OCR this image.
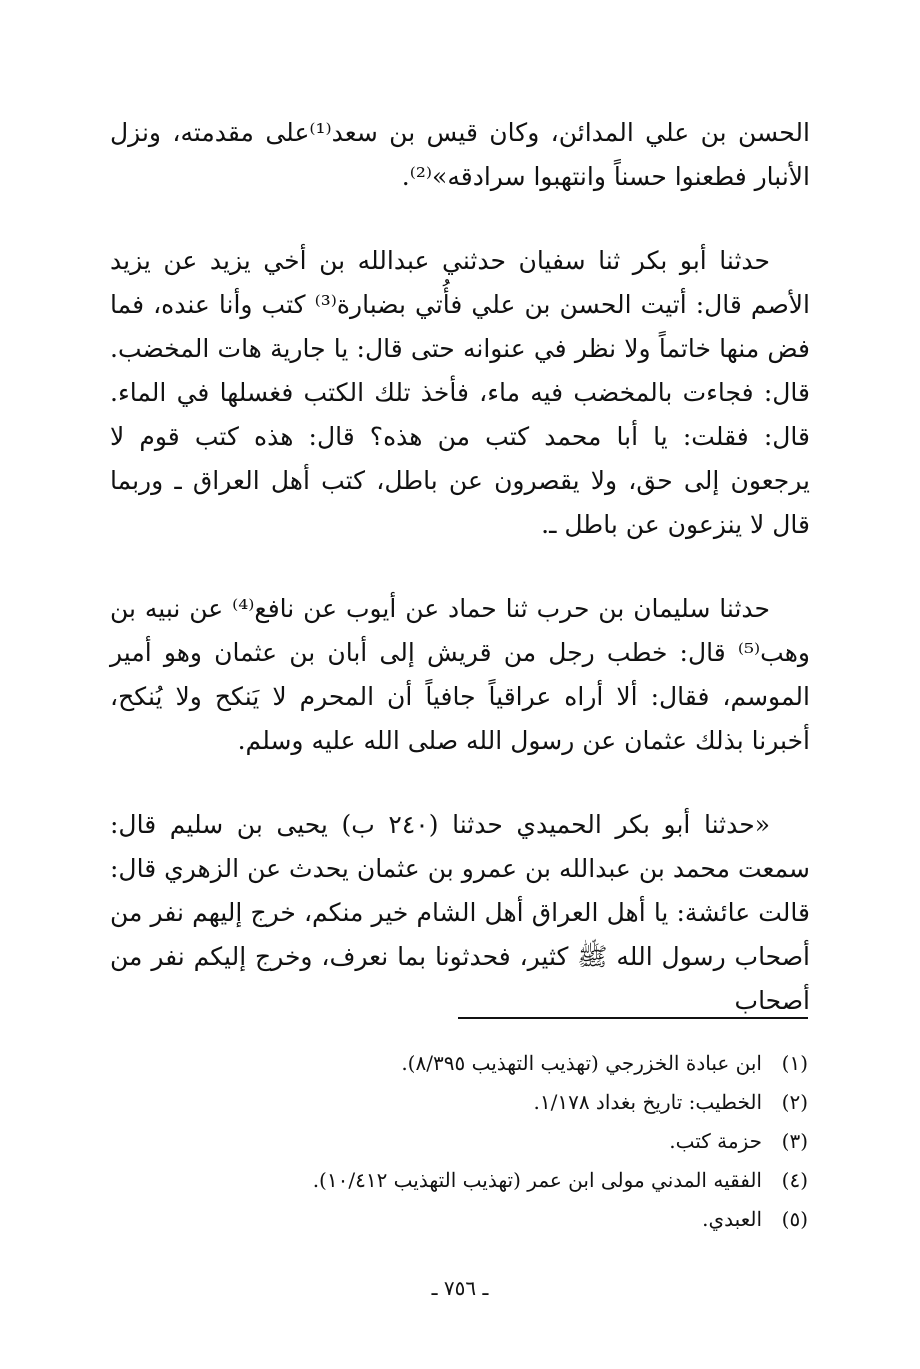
الحسن بن علي المدائن، وكان قيس بن سعد⁽¹⁾على مقدمته، ونزل الأنبار فطعنوا حسناً وانتهبوا سرادقه»⁽²⁾.

حدثنا أبو بكر ثنا سفيان حدثني عبدالله بن أخي يزيد عن يزيد الأصم قال: أتيت الحسن بن علي فأُتي بضبارة⁽³⁾ كتب وأنا عنده، فما فض منها خاتماً ولا نظر في عنوانه حتى قال: يا جارية هات المخضب. قال: فجاءت بالمخضب فيه ماء، فأخذ تلك الكتب فغسلها في الماء. قال: فقلت: يا أبا محمد كتب من هذه؟ قال: هذه كتب قوم لا يرجعون إلى حق، ولا يقصرون عن باطل، كتب أهل العراق ـ وربما قال لا ينزعون عن باطل ـ.

حدثنا سليمان بن حرب ثنا حماد عن أيوب عن نافع⁽⁴⁾ عن نبيه بن وهب⁽⁵⁾ قال: خطب رجل من قريش إلى أبان بن عثمان وهو أمير الموسم، فقال: ألا أراه عراقياً جافياً أن المحرم لا يَنكح ولا يُنكح، أخبرنا بذلك عثمان عن رسول الله صلى الله عليه وسلم.

«حدثنا أبو بكر الحميدي حدثنا (٢٤٠ ب) يحيى بن سليم قال: سمعت محمد بن عبدالله بن عمرو بن عثمان يحدث عن الزهري قال: قالت عائشة: يا أهل العراق أهل الشام خير منكم، خرج إليهم نفر من أصحاب رسول الله ﷺ كثير، فحدثونا بما نعرف، وخرج إليكم نفر من أصحاب

(١)
ابن عبادة الخزرجي (تهذيب التهذيب ٨/٣٩٥).
(٢)
الخطيب: تاريخ بغداد ١/١٧٨.
(٣)
حزمة كتب.
(٤)
الفقيه المدني مولى ابن عمر (تهذيب التهذيب ١٠/٤١٢).
(٥)
العبدي.
ـ ٧٥٦ ـ
